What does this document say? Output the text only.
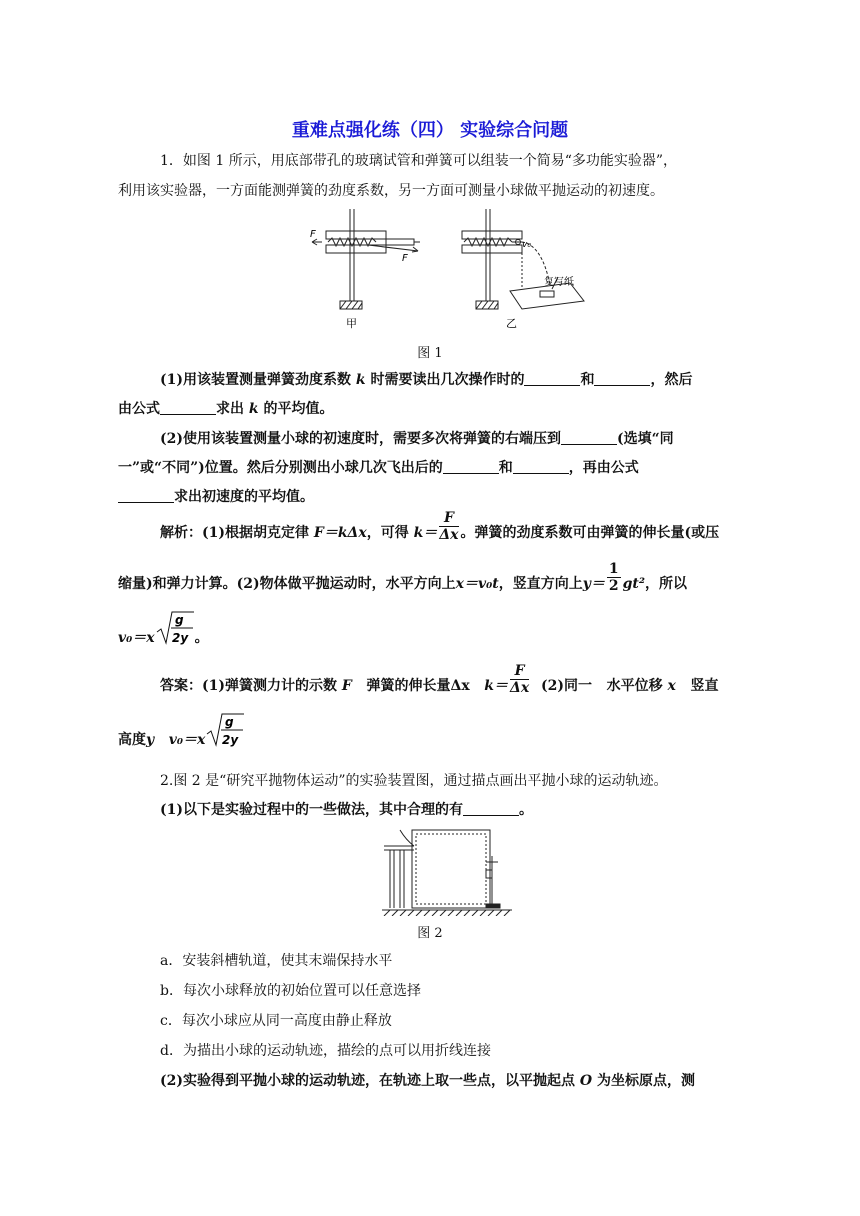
重难点强化练（四） 实验综合问题
1．如图 1 所示，用底部带孔的玻璃试管和弹簧可以组装一个简易“多功能实验器”，
利用该实验器，一方面能测弹簧的劲度系数，另一方面可测量小球做平抛运动的初速度。
F
F
甲
v₀
复写纸
乙
图 1
(1)用该装置测量弹簧劲度系数 k 时需要读出几次操作时的	和	，然后
由公式	求出 k 的平均值。
(2)使用该装置测量小球的初速度时，需要多次将弹簧的右端压到	(选填“同
一”或“不同”)位置。然后分别测出小球几次飞出后的	和	，再由公式
求出初速度的平均值。
解析：(1)根据胡克定律 F＝kΔx，可得 $k= \frac{F}{\Delta x}$ 。弹簧的劲度系数可由弹簧的伸长量(或压
缩量)和弹力计算。(2)物体做平抛运动时，水平方向上x＝v₀t，竖直方向上$y= \frac{1}{2} gt^2$，所以
v₀＝x
g
2y 。
答案：(1)弹簧测力计的示数 F 弹簧的伸长量Δx $k= \frac{F}{\Delta x} (2)$同一 水平位移 x 竖直
高度y v₀＝x
g
2y
2.图 2 是“研究平抛物体运动”的实验装置图，通过描点画出平抛小球的运动轨迹。
(1)以下是实验过程中的一些做法，其中合理的有	。
图 2
a．安装斜槽轨道，使其末端保持水平
b．每次小球释放的初始位置可以任意选择
c．每次小球应从同一高度由静止释放
d．为描出小球的运动轨迹，描绘的点可以用折线连接
(2)实验得到平抛小球的运动轨迹，在轨迹上取一些点，以平抛起点 O 为坐标原点，测
